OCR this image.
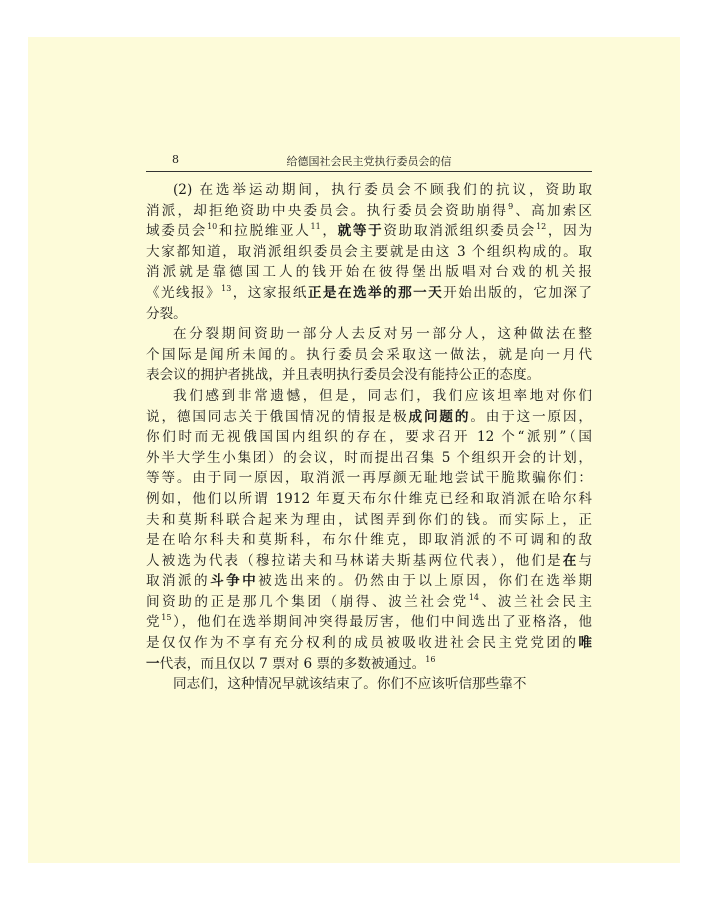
8	给德国社会民主党执行委员会的信
(2) 在选举运动期间，执行委员会不顾我们的抗议，资助取
消派，却拒绝资助中央委员会。执行委员会资助崩得$^9$、高加索区
域委员会$^{10}$和拉脱维亚人$^{11}$，就等于资助取消派组织委员会$^{12}$，因为
大家都知道，取消派组织委员会主要就是由这 3 个组织构成的。取
消派就是靠德国工人的钱开始在彼得堡出版唱对台戏的机关报
《光线报》$^{13}$，这家报纸正是在选举的那一天开始出版的，它加深了
分裂。
在分裂期间资助一部分人去反对另一部分人，这种做法在整
个国际是闻所未闻的。执行委员会采取这一做法，就是向一月代
表会议的拥护者挑战，并且表明执行委员会没有能持公正的态度。
我们感到非常遗憾，但是，同志们，我们应该坦率地对你们
说，德国同志关于俄国情况的情报是极成问题的。由于这一原因，
你们时而无视俄国国内组织的存在，要求召开 12 个“派别”（国
外半大学生小集团）的会议，时而提出召集 5 个组织开会的计划，
等等。由于同一原因，取消派一再厚颜无耻地尝试干脆欺骗你们：
例如，他们以所谓 1912 年夏天布尔什维克已经和取消派在哈尔科
夫和莫斯科联合起来为理由，试图弄到你们的钱。而实际上，正
是在哈尔科夫和莫斯科，布尔什维克，即取消派的不可调和的敌
人被选为代表（穆拉诺夫和马林诺夫斯基两位代表），他们是在与
取消派的斗争中被选出来的。仍然由于以上原因，你们在选举期
间资助的正是那几个集团（崩得、波兰社会党$^{14}$、波兰社会民主
党$^{15}$），他们在选举期间冲突得最厉害，他们中间选出了亚格洛，他
是仅仅作为不享有充分权利的成员被吸收进社会民主党党团的唯
一代表，而且仅以 7 票对 6 票的多数被通过。$^{16}$
同志们，这种情况早就该结束了。你们不应该听信那些靠不
